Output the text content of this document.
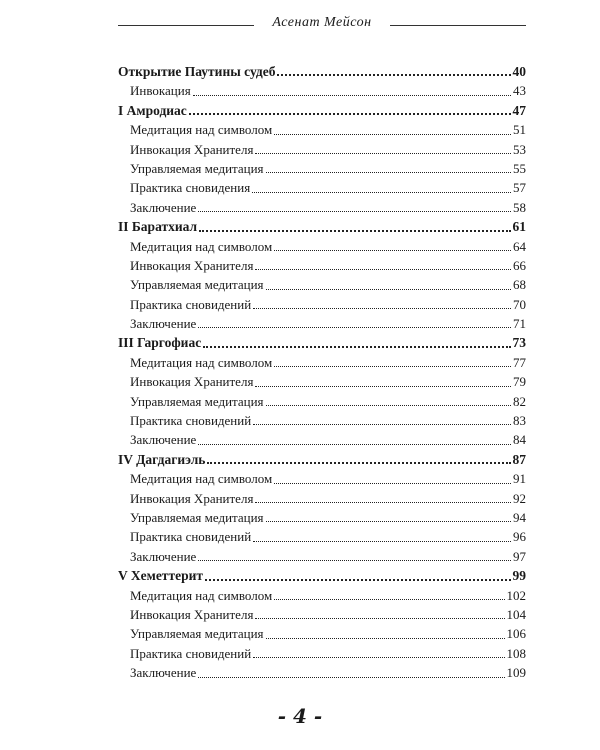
Асенат Мейсон
Открытие Паутины судеб	40
Инвокация	43
I Амродиас	47
Медитация над символом	51
Инвокация Хранителя	53
Управляемая медитация	55
Практика сновидения	57
Заключение	58
II Баратхиал	61
Медитация над символом	64
Инвокация Хранителя	66
Управляемая медитация	68
Практика сновидений	70
Заключение	71
III Гаргофиас	73
Медитация над символом	77
Инвокация Хранителя	79
Управляемая медитация	82
Практика сновидений	83
Заключение	84
IV Дагдагиэль	87
Медитация над символом	91
Инвокация Хранителя	92
Управляемая медитация	94
Практика сновидений	96
Заключение	97
V Хеметтерит	99
Медитация над символом	102
Инвокация Хранителя	104
Управляемая медитация	106
Практика сновидений	108
Заключение	109
- 4 -
